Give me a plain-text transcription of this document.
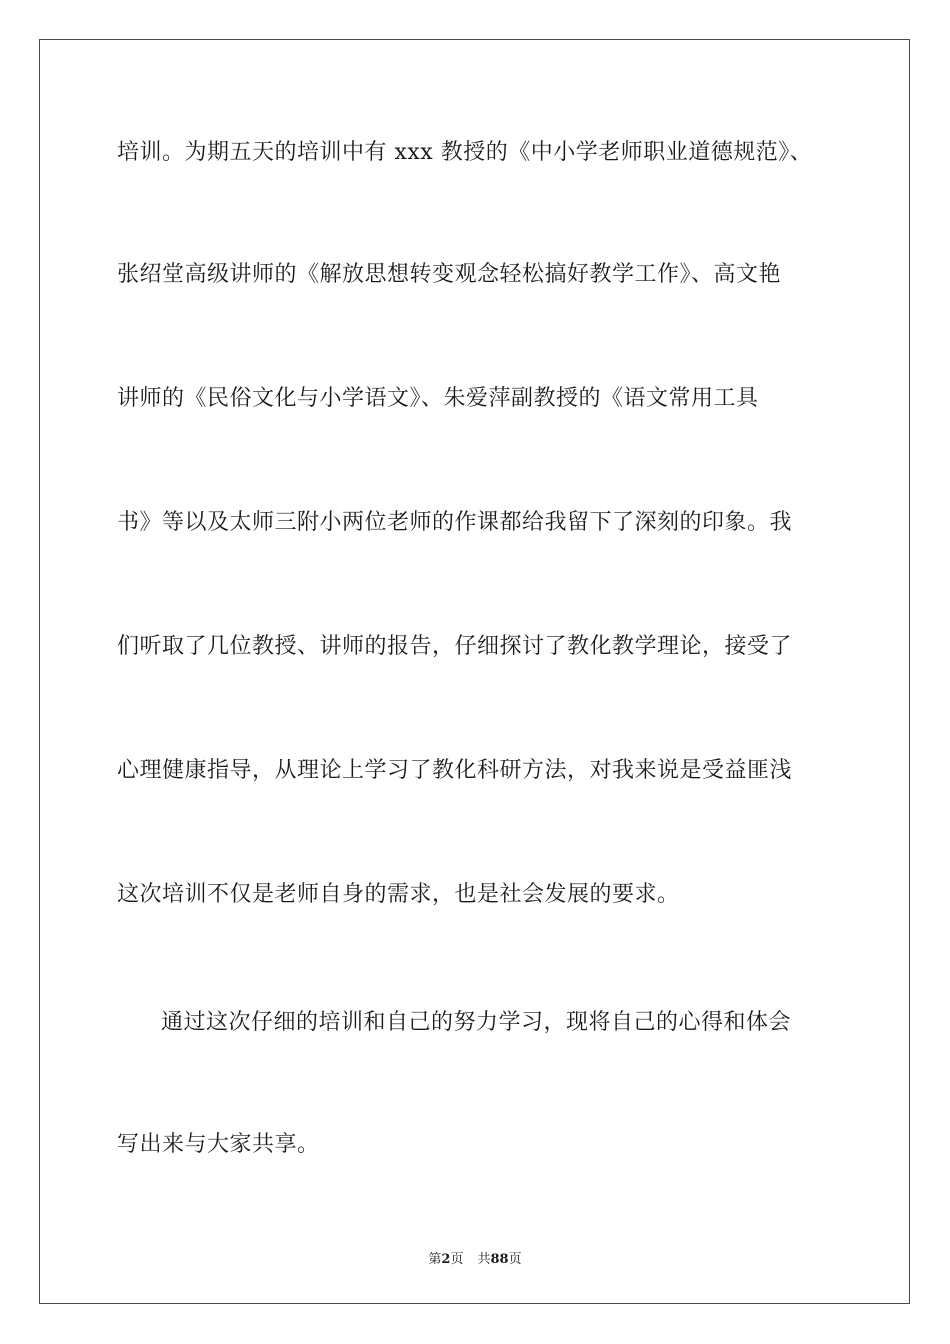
培训。为期五天的培训中有 xxx 教授的《中小学老师职业道德规范》、
张绍堂高级讲师的《解放思想转变观念轻松搞好教学工作》、高文艳
讲师的《民俗文化与小学语文》、朱爱萍副教授的《语文常用工具
书》等以及太师三附小两位老师的作课都给我留下了深刻的印象。我
们听取了几位教授、讲师的报告，仔细探讨了教化教学理论，接受了
心理健康指导，从理论上学习了教化科研方法，对我来说是受益匪浅
这次培训不仅是老师自身的需求，也是社会发展的要求。
通过这次仔细的培训和自己的努力学习，现将自己的心得和体会
写出来与大家共享。
第2页 共88页
